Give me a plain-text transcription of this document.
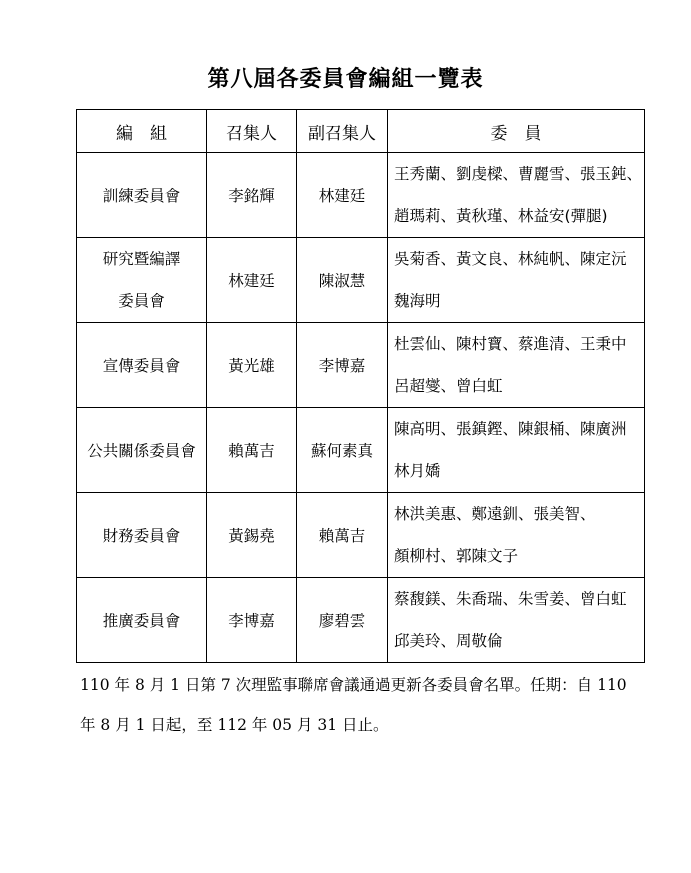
第八屆各委員會編組一覽表
編　組	召集人	副召集人	委　員

訓練委員會	李銘輝	林建廷	王秀蘭、劉虔樑、曹麗雪、張玉鈍、
趙瑪莉、黃秋瑾、林益安(彈腿)

研究暨編譯
委員會	林建廷	陳淑慧	吳菊香、黃文良、林純帆、陳定沅
魏海明

宣傳委員會	黃光雄	李博嘉	杜雲仙、陳村寶、蔡進清、王秉中
呂超燮、曾白虹

公共關係委員會	賴萬吉	蘇何素真	陳高明、張鎮鏗、陳銀桶、陳廣洲
林月嬌

財務委員會	黃錫堯	賴萬吉	林洪美惠、鄭遠釧、張美智、
顏柳村、郭陳文子

推廣委員會	李博嘉	廖碧雲	蔡馥鎂、朱喬瑞、朱雪姜、曾白虹
邱美玲、周敬倫
110 年 8 月 1 日第 7 次理監事聯席會議通過更新各委員會名單。任期：自 110
年 8 月 1 日起，至 112 年 05 月 31 日止。
